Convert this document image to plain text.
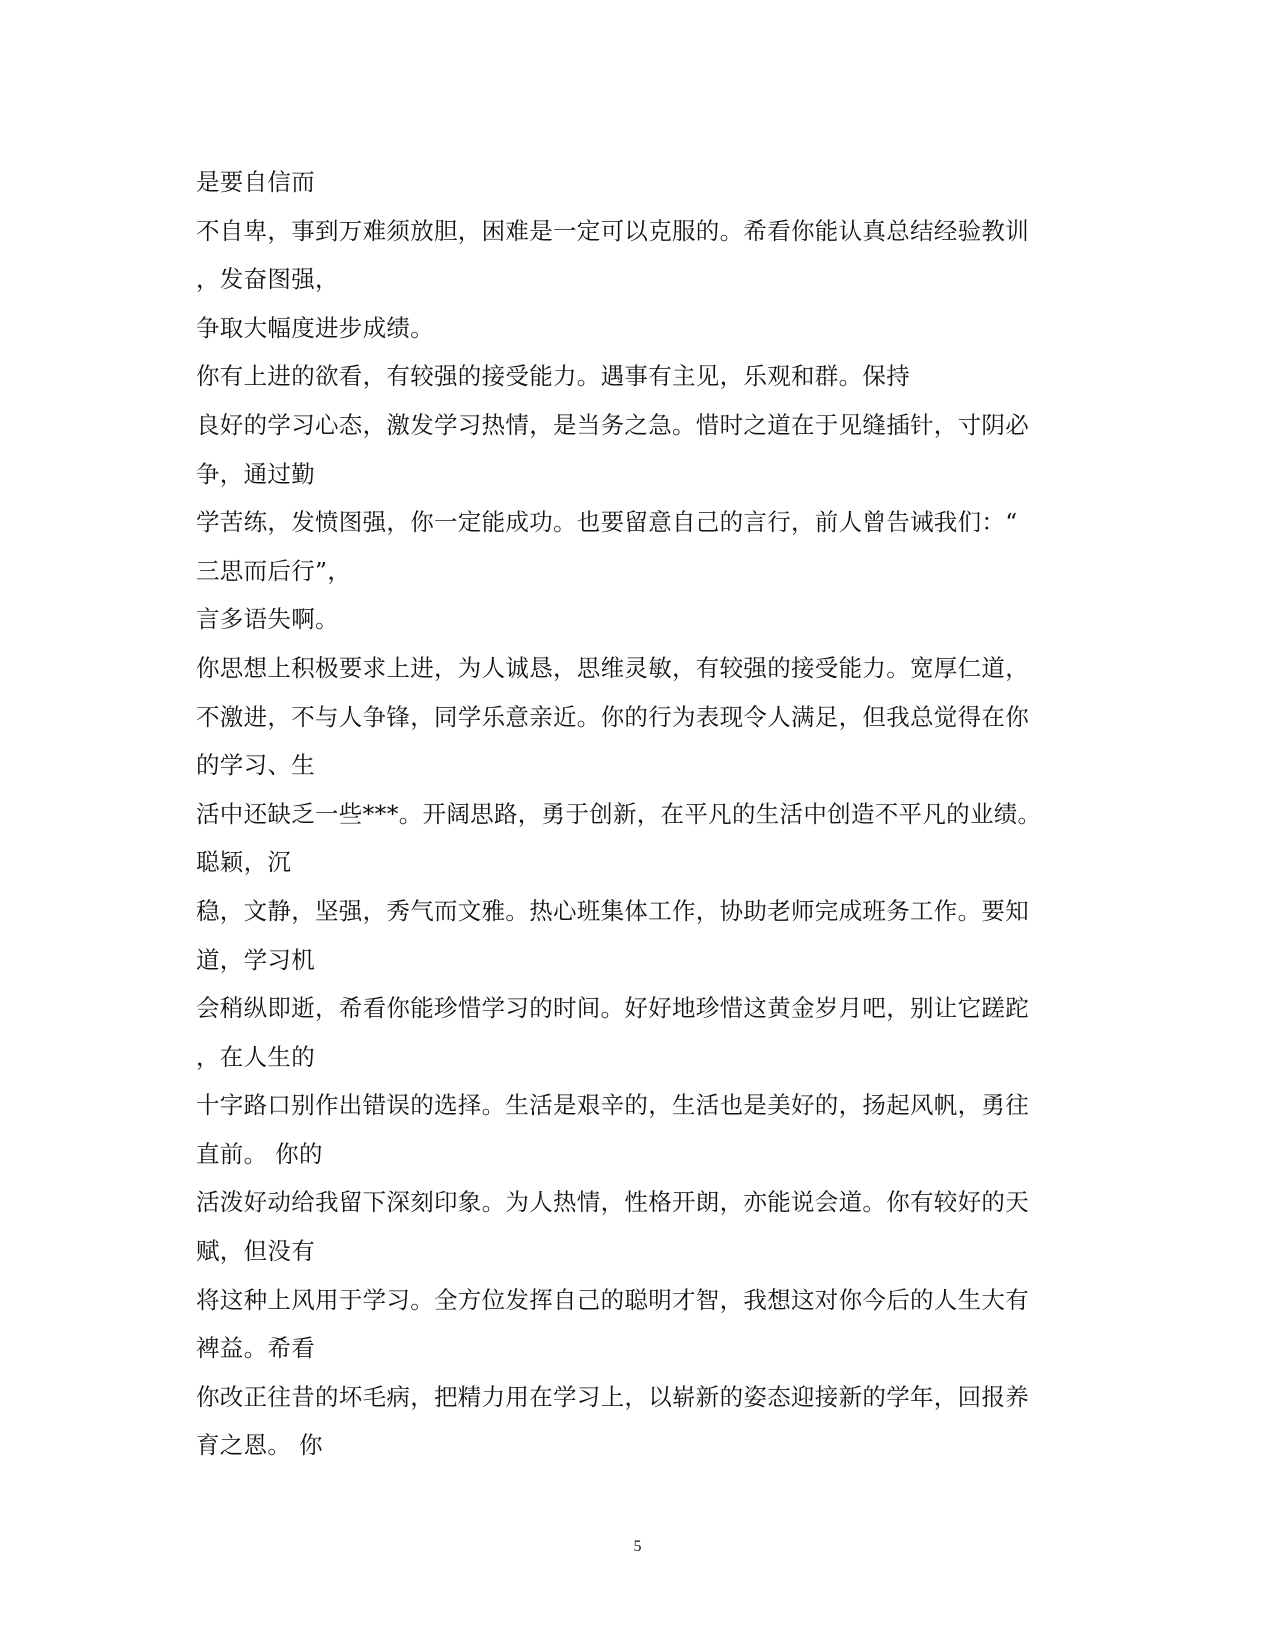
是要自信而
不自卑，事到万难须放胆，困难是一定可以克服的。希看你能认真总结经验教训
，发奋图强，
争取大幅度进步成绩。
你有上进的欲看，有较强的接受能力。遇事有主见，乐观和群。保持
良好的学习心态，激发学习热情，是当务之急。惜时之道在于见缝插针，寸阴必
争，通过勤
学苦练，发愤图强，你一定能成功。也要留意自己的言行，前人曾告诫我们：“
三思而后行”，
言多语失啊。
你思想上积极要求上进，为人诚恳，思维灵敏，有较强的接受能力。宽厚仁道，
不激进，不与人争锋，同学乐意亲近。你的行为表现令人满足，但我总觉得在你
的学习、生
活中还缺乏一些***。开阔思路，勇于创新，在平凡的生活中创造不平凡的业绩。
聪颖，沉
稳，文静，坚强，秀气而文雅。热心班集体工作，协助老师完成班务工作。要知
道，学习机
会稍纵即逝，希看你能珍惜学习的时间。好好地珍惜这黄金岁月吧，别让它蹉跎
，在人生的
十字路口别作出错误的选择。生活是艰辛的，生活也是美好的，扬起风帆，勇往
直前。 你的
活泼好动给我留下深刻印象。为人热情，性格开朗，亦能说会道。你有较好的天
赋，但没有
将这种上风用于学习。全方位发挥自己的聪明才智，我想这对你今后的人生大有
裨益。希看
你改正往昔的坏毛病，把精力用在学习上，以崭新的姿态迎接新的学年，回报养
育之恩。 你
5
